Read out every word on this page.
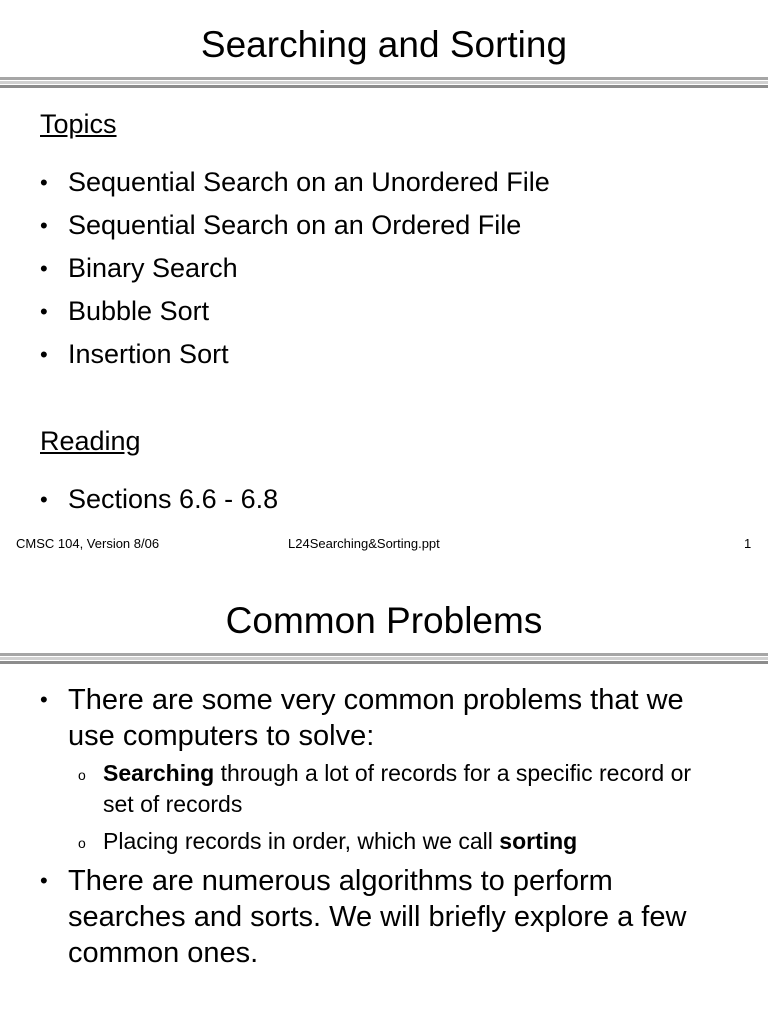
Searching and Sorting
Topics
• Sequential Search on an Unordered File
• Sequential Search on an Ordered File
• Binary Search
• Bubble Sort
• Insertion Sort
Reading
• Sections 6.6 - 6.8
CMSC 104, Version 8/06	L24Searching&Sorting.ppt	1
Common Problems
• There are some very common problems that we use computers to solve:
o Searching through a lot of records for a specific record or set of records
o Placing records in order, which we call sorting
• There are numerous algorithms to perform searches and sorts. We will briefly explore a few common ones.
